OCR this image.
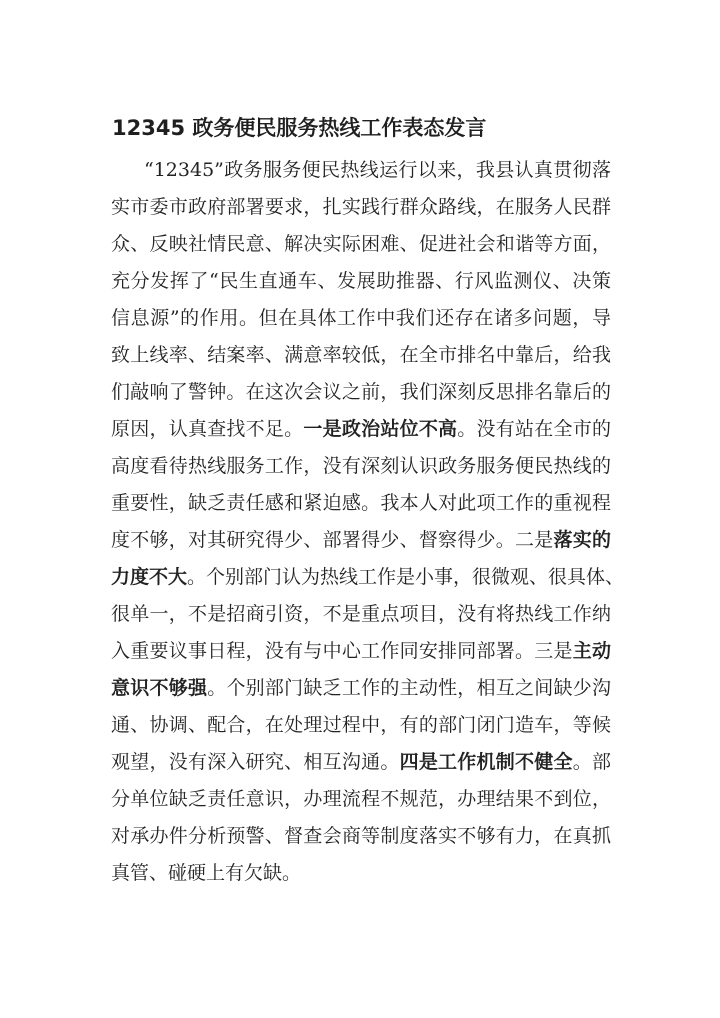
12345 政务便民服务热线工作表态发言
“12345”政务服务便民热线运行以来，我县认真贯彻落
实市委市政府部署要求，扎实践行群众路线，在服务人民群
众、反映社情民意、解决实际困难、促进社会和谐等方面，
充分发挥了“民生直通车、发展助推器、行风监测仪、决策
信息源”的作用。但在具体工作中我们还存在诸多问题，导
致上线率、结案率、满意率较低，在全市排名中靠后，给我
们敲响了警钟。在这次会议之前，我们深刻反思排名靠后的
原因，认真查找不足。一是政治站位不高。没有站在全市的
高度看待热线服务工作，没有深刻认识政务服务便民热线的
重要性，缺乏责任感和紧迫感。我本人对此项工作的重视程
度不够，对其研究得少、部署得少、督察得少。二是落实的
力度不大。个别部门认为热线工作是小事，很微观、很具体、
很单一，不是招商引资，不是重点项目，没有将热线工作纳
入重要议事日程，没有与中心工作同安排同部署。三是主动
意识不够强。个别部门缺乏工作的主动性，相互之间缺少沟
通、协调、配合，在处理过程中，有的部门闭门造车，等候
观望，没有深入研究、相互沟通。四是工作机制不健全。部
分单位缺乏责任意识，办理流程不规范，办理结果不到位，
对承办件分析预警、督查会商等制度落实不够有力，在真抓
真管、碰硬上有欠缺。
